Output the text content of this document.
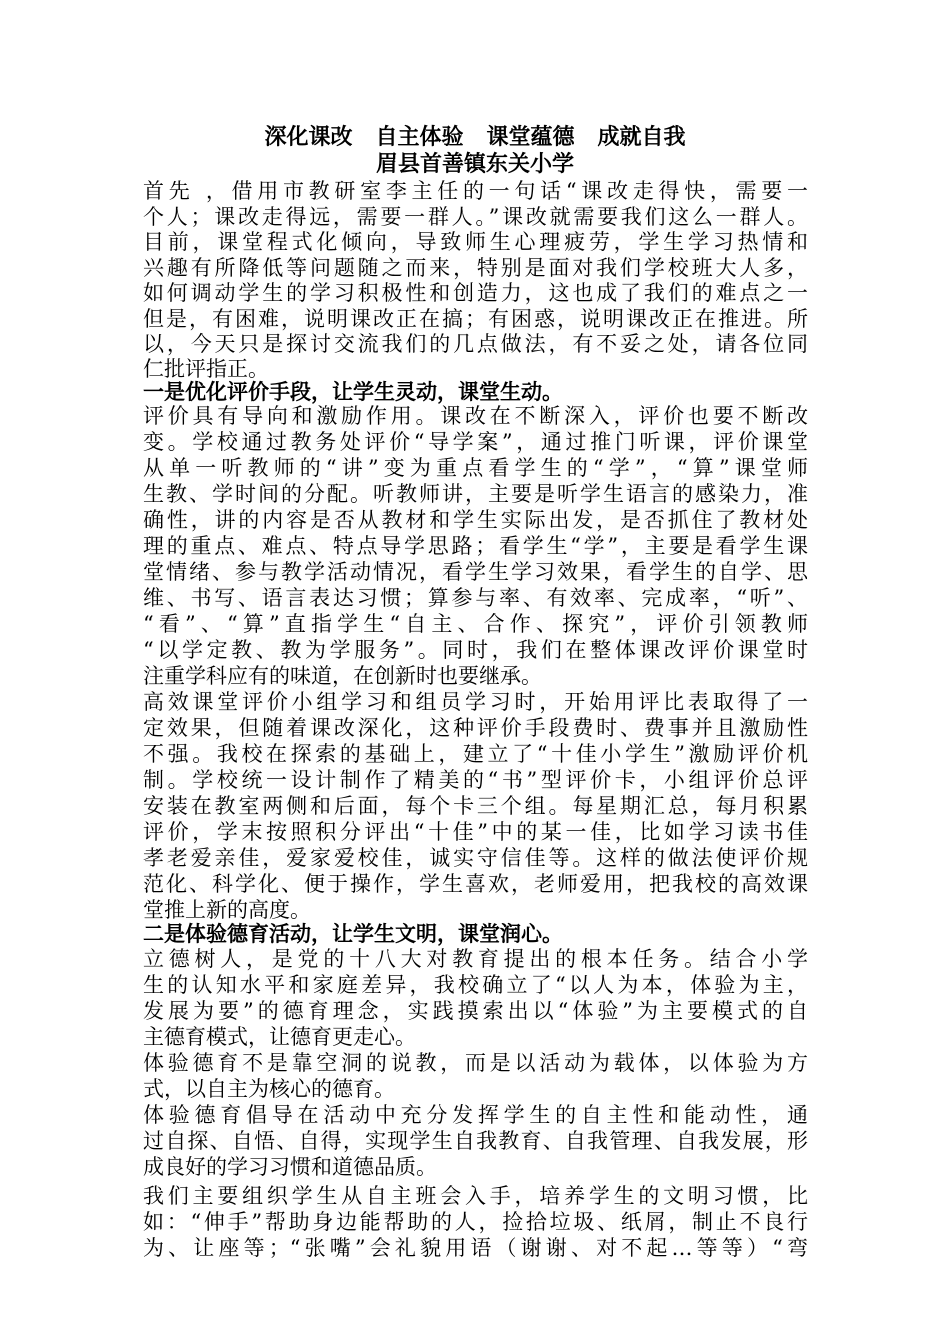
深化课改   自主体验   课堂蕴德   成就自我
眉县首善镇东关小学
首先 ，借用市教研室李主任的一句话“课改走得快，需要一
个人；课改走得远，需要一群人。”课改就需要我们这么一群人。
目前，课堂程式化倾向，导致师生心理疲劳，学生学习热情和
兴趣有所降低等问题随之而来，特别是面对我们学校班大人多，
如何调动学生的学习积极性和创造力，这也成了我们的难点之一
但是，有困难，说明课改正在搞；有困惑，说明课改正在推进。所
以，今天只是探讨交流我们的几点做法，有不妥之处，请各位同
仁批评指正。
一是优化评价手段，让学生灵动，课堂生动。
评价具有导向和激励作用。课改在不断深入，评价也要不断改
变。学校通过教务处评价“导学案”，通过推门听课，评价课堂
从单一听教师的“讲”变为重点看学生的“学”，“算”课堂师
生教、学时间的分配。听教师讲，主要是听学生语言的感染力，准
确性，讲的内容是否从教材和学生实际出发，是否抓住了教材处
理的重点、难点、特点导学思路；看学生“学”，主要是看学生课
堂情绪、参与教学活动情况，看学生学习效果，看学生的自学、思
维、书写、语言表达习惯；算参与率、有效率、完成率，“听”、
“看”、“算”直指学生“自主、合作、探究”，评价引领教师
“以学定教、教为学服务”。同时，我们在整体课改评价课堂时
注重学科应有的味道，在创新时也要继承。
高效课堂评价小组学习和组员学习时，开始用评比表取得了一
定效果，但随着课改深化，这种评价手段费时、费事并且激励性
不强。我校在探索的基础上，建立了“十佳小学生”激励评价机
制。学校统一设计制作了精美的“书”型评价卡，小组评价总评
安装在教室两侧和后面，每个卡三个组。每星期汇总，每月积累
评价，学末按照积分评出“十佳”中的某一佳，比如学习读书佳
孝老爱亲佳，爱家爱校佳，诚实守信佳等。这样的做法使评价规
范化、科学化、便于操作，学生喜欢，老师爱用，把我校的高效课
堂推上新的高度。
二是体验德育活动，让学生文明，课堂润心。
立德树人，是党的十八大对教育提出的根本任务。结合小学
生的认知水平和家庭差异，我校确立了“以人为本，体验为主，
发展为要”的德育理念，实践摸索出以“体验”为主要模式的自
主德育模式，让德育更走心。
体验德育不是靠空洞的说教，而是以活动为载体，以体验为方
式，以自主为核心的德育。
体验德育倡导在活动中充分发挥学生的自主性和能动性，通
过自探、自悟、自得，实现学生自我教育、自我管理、自我发展，形
成良好的学习习惯和道德品质。
我们主要组织学生从自主班会入手，培养学生的文明习惯，比
如：“伸手”帮助身边能帮助的人，捡拾垃圾、纸屑，制止不良行
为、让座等；“张嘴”会礼貌用语（谢谢、对不起…等等）“弯
